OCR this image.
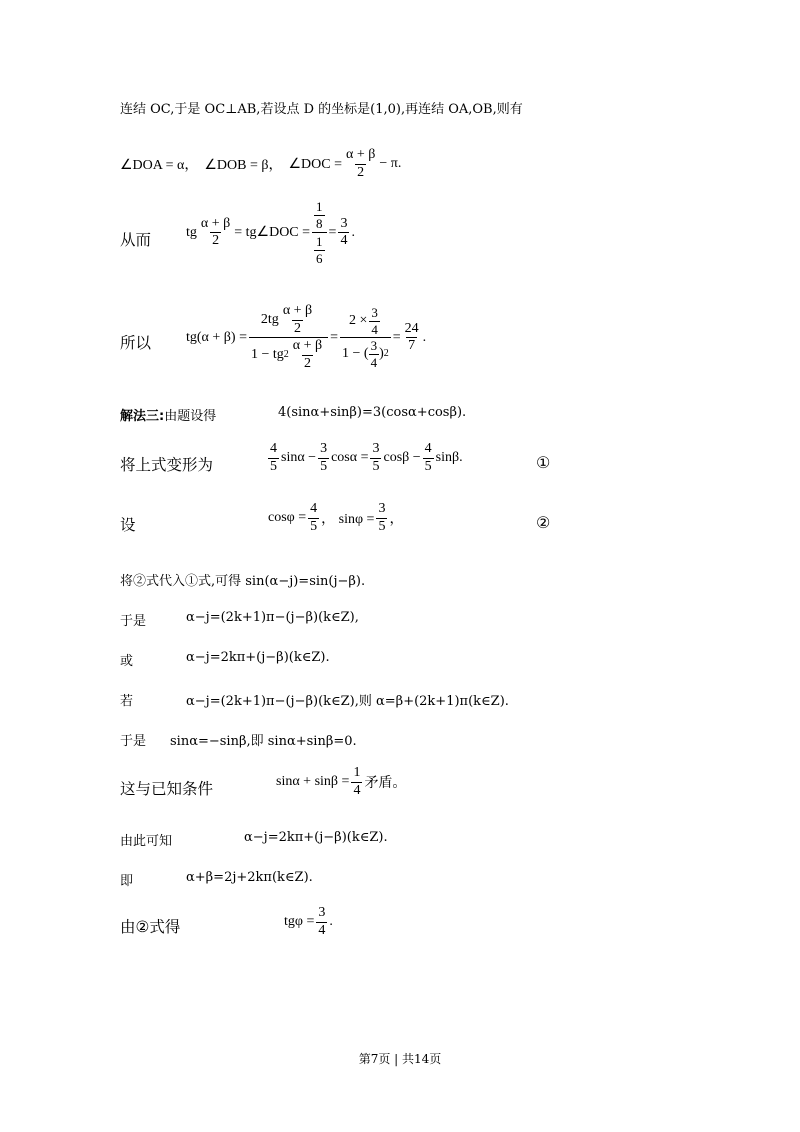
连结 OC,于是 OC⊥AB,若设点 D 的坐标是(1,0),再连结 OA,OB,则有
∠DOA = α， ∠DOB = β， ∠DOC = $\frac{\alpha + \beta}{2} - \pi$.
从而 tg $\frac{\alpha + \beta}{2}$ = tg∠DOC = $\frac{\frac{1}{8}}{\frac{1}{6}} = \frac{3}{4}$ .
所以 $tg(\alpha + \beta) = \frac{2tg \frac{\alpha + \beta}{2}}{1 - tg 2 \frac{\alpha + \beta}{2}} = \frac{2 \times \frac{3}{4}}{1 - ( \frac{3}{4} ) 2} = \frac{24}{7}$ .
解法三:由题设得	4(sinα+sinβ)=3(cosα+cosβ).
将上式变形为	$\frac{4}{5}$ $\sin\alpha - \frac{3}{5}$ $\cos\alpha = \frac{3}{5}$ $\cos\beta - \frac{4}{5} \sin\beta$.	①
设	$\cos\varphi = \frac{4}{5}$ ， $\sin\varphi = \frac{3}{5}$ ，	②
将②式代入①式,可得 sin(α−j)=sin(j−β).
于是	α−j=(2k+1)π−(j−β)(k∈Z),
或	α−j=2kπ+(j−β)(k∈Z).
若	α−j=(2k+1)π−(j−β)(k∈Z),则 α=β+(2k+1)π(k∈Z).
于是 sinα=−sinβ,即 sinα+sinβ=0.
这与已知条件	$\sin\alpha + \sin\beta = \frac{1}{4}$ 矛盾。
由此可知	α−j=2kπ+(j−β)(k∈Z).
即	α+β=2j+2kπ(k∈Z).
由②式得	$tg\varphi = \frac{3}{4}$ .
第7页 | 共14页
